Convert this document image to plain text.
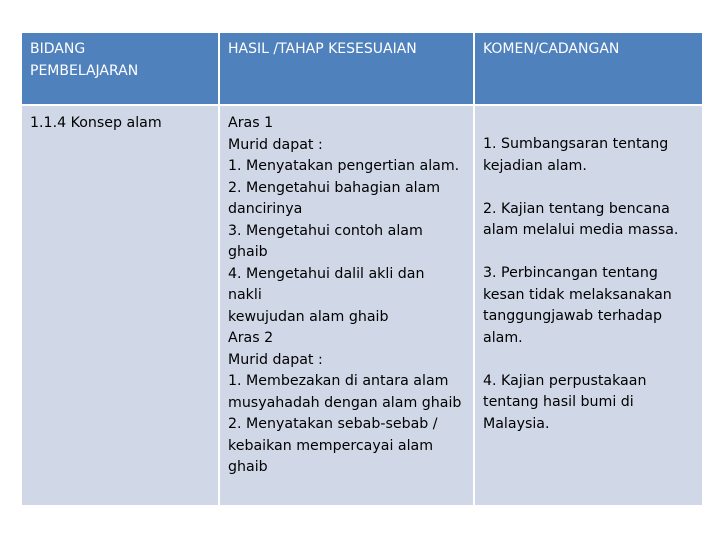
BIDANG
PEMBELAJARAN
HASIL /TAHAP KESESUAIAN	KOMEN/CADANGAN
1.1.4 Konsep alam	Aras 1
Murid dapat :
1. Menyatakan pengertian alam.
2. Mengetahui bahagian alam
dancirinya
3. Mengetahui contoh alam
ghaib
4. Mengetahui dalil akli dan
nakli
kewujudan alam ghaib
Aras 2
Murid dapat :
1. Membezakan di antara alam
musyahadah dengan alam ghaib
2. Menyatakan sebab-sebab /
kebaikan mempercayai alam
ghaib
1. Sumbangsaran tentang
kejadian alam.
2. Kajian tentang bencana
alam melalui media massa.
3. Perbincangan tentang
kesan tidak melaksanakan
tanggungjawab terhadap
alam.
4. Kajian perpustakaan
tentang hasil bumi di
Malaysia.
